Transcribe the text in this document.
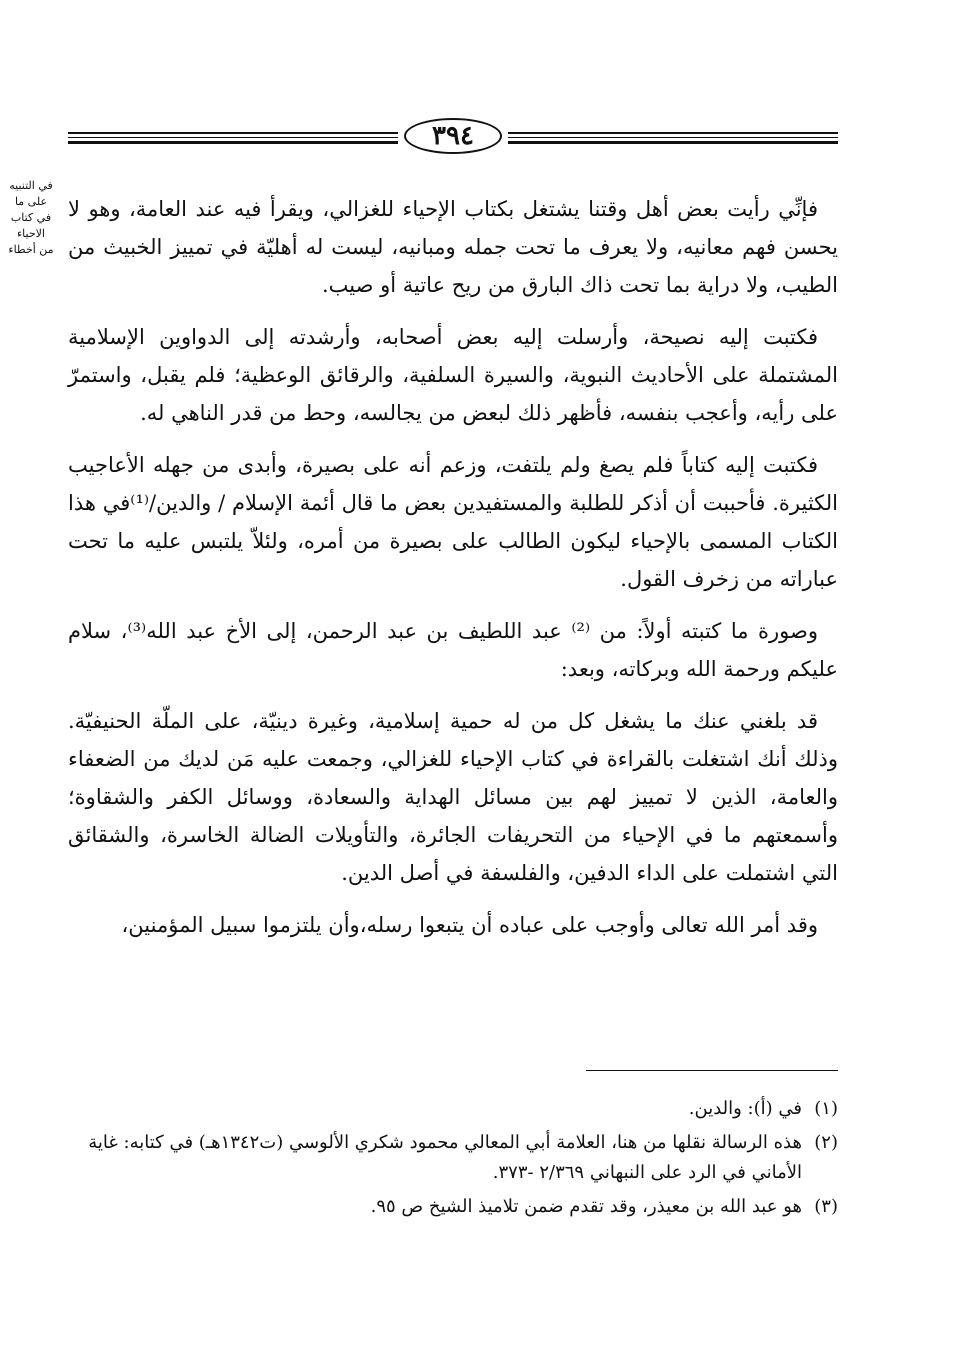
٣٩٤
في التنبيه
على ما
في كتاب
الاحياء
من أخطاء

فإنِّي رأيت بعض أهل وقتنا يشتغل بكتاب الإحياء للغزالي، ويقرأ فيه عند العامة، وهو لا يحسن فهم معانيه، ولا يعرف ما تحت جمله ومبانيه، ليست له أهليّة في تمييز الخبيث من الطيب، ولا دراية بما تحت ذاك البارق من ريح عاتية أو صيب.

فكتبت إليه نصيحة، وأرسلت إليه بعض أصحابه، وأرشدته إلى الدواوين الإسلامية المشتملة على الأحاديث النبوية، والسيرة السلفية، والرقائق الوعظية؛ فلم يقبل، واستمرّ على رأيه، وأعجب بنفسه، فأظهر ذلك لبعض من يجالسه، وحط من قدر الناهي له.

فكتبت إليه كتاباً فلم يصغ ولم يلتفت، وزعم أنه على بصيرة، وأبدى من جهله الأعاجيب الكثيرة. فأحببت أن أذكر للطلبة والمستفيدين بعض ما قال أئمة الإسلام / والدين/⁽¹⁾في هذا الكتاب المسمى بالإحياء ليكون الطالب على بصيرة من أمره، ولئلاّ يلتبس عليه ما تحت عباراته من زخرف القول.

وصورة ما كتبته أولاً: من ⁽²⁾ عبد اللطيف بن عبد الرحمن، إلى الأخ عبد الله⁽³⁾، سلام عليكم ورحمة الله وبركاته، وبعد:

قد بلغني عنك ما يشغل كل من له حمية إسلامية، وغيرة دينيّة، على الملّة الحنيفيّة. وذلك أنك اشتغلت بالقراءة في كتاب الإحياء للغزالي، وجمعت عليه مَن لديك من الضعفاء والعامة، الذين لا تمييز لهم بين مسائل الهداية والسعادة، ووسائل الكفر والشقاوة؛ وأسمعتهم ما في الإحياء من التحريفات الجائرة، والتأويلات الضالة الخاسرة، والشقائق التي اشتملت على الداء الدفين، والفلسفة في أصل الدين.

وقد أمر الله تعالى وأوجب على عباده أن يتبعوا رسله،وأن يلتزموا سبيل المؤمنين،

(١)في (أ): والدين.
(٢)هذه الرسالة نقلها من هنا، العلامة أبي المعالي محمود شكري الألوسي (ت١٣٤٢هـ) في كتابه: غاية الأماني في الرد على النبهاني ٢/٣٦٩ -٣٧٣.
(٣)هو عبد الله بن معيذر، وقد تقدم ضمن تلاميذ الشيخ ص ٩٥.
